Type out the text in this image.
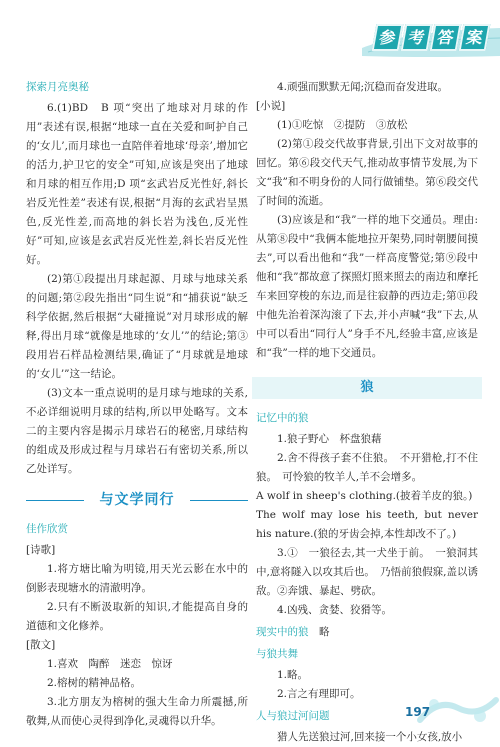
参 考 答 案
探索月亮奥秘
6.(1)BD　B 项“突出了地球对月球的作用”表述有误,根据“地球一直在关爱和呵护自己的‘女儿’,而月球也一直陪伴着地球‘母亲’,增加它的活力,护卫它的安全”可知,应该是突出了地球和月球的相互作用;D 项“玄武岩反光性好,斜长岩反光性差”表述有误,根据“月海的玄武岩呈黑色,反光性差,而高地的斜长岩为浅色,反光性好”可知,应该是玄武岩反光性差,斜长岩反光性好。
(2)第①段提出月球起源、月球与地球关系的问题;第②段先指出“同生说”和“捕获说”缺乏科学依据,然后根据“大碰撞说”对月球形成的解释,得出月球“就像是地球的‘女儿’”的结论;第③段用岩石样品检测结果,确证了“月球就是地球的‘女儿’”这一结论。
(3)文本一重点说明的是月球与地球的关系,不必详细说明月球的结构,所以甲处略写。文本二的主要内容是揭示月球岩石的秘密,月球结构的组成及形成过程与月球岩石有密切关系,所以乙处详写。
与文学同行
佳作欣赏
[诗歌]
1.将方塘比喻为明镜,用天光云影在水中的倒影表现塘水的清澈明净。
2.只有不断汲取新的知识,才能提高自身的道德和文化修养。
[散文]
1.喜欢　陶醉　迷恋　惊讶
2.榕树的精神品格。
3.北方朋友为榕树的强大生命力所震撼,所敬舞,从而使心灵得到净化,灵魂得以升华。
4.顽强而默默无闻;沉稳而奋发进取。
[小说]
(1)①吃惊　②提防　③放松
(2)第①段交代故事背景,引出下文对故事的回忆。第⑥段交代天气,推动故事情节发展,为下文“我”和不明身份的人同行做铺垫。第⑥段交代了时间的流逝。
(3)应该是和“我”一样的地下交通员。理由:从第⑧段中“我俩本能地拉开架势,同时朝腰间摸去”,可以看出他和“我”一样高度警觉;第⑨段中他和“我”都故意了探照灯照来照去的南边和摩托车来回穿梭的东边,而是往寂静的西边走;第⑪段中他先治着深沟滚了下去,并小声喊“我”下去,从中可以看出“同行人”身手不凡,经验丰富,应该是和“我”一样的地下交通员。
狼
记忆中的狼
1.狼子野心　杯盘狼藉
2.舍不得孩子套不住狼。　不开猎枪,打不住狼。　可怜狼的牧羊人,羊不会增多。
A wolf in sheep's clothing.(披着羊皮的狼。)
The wolf may lose his teeth, but never his nature.(狼的牙齿会掉,本性却改不了。)
3.①　一狼径去,其一犬坐于前。　一狼洞其中,意将隧入以攻其后也。　乃悟前狼假寐,盖以诱敌。②奔饿、暴起、劈砍。
4.凶残、贪婪、狡猾等。
现实中的狼　 略
与狼共舞
1.略。
2.言之有理即可。
人与狼过河问题
猎人先送狼过河,回来接一个小女孩,放小
197
